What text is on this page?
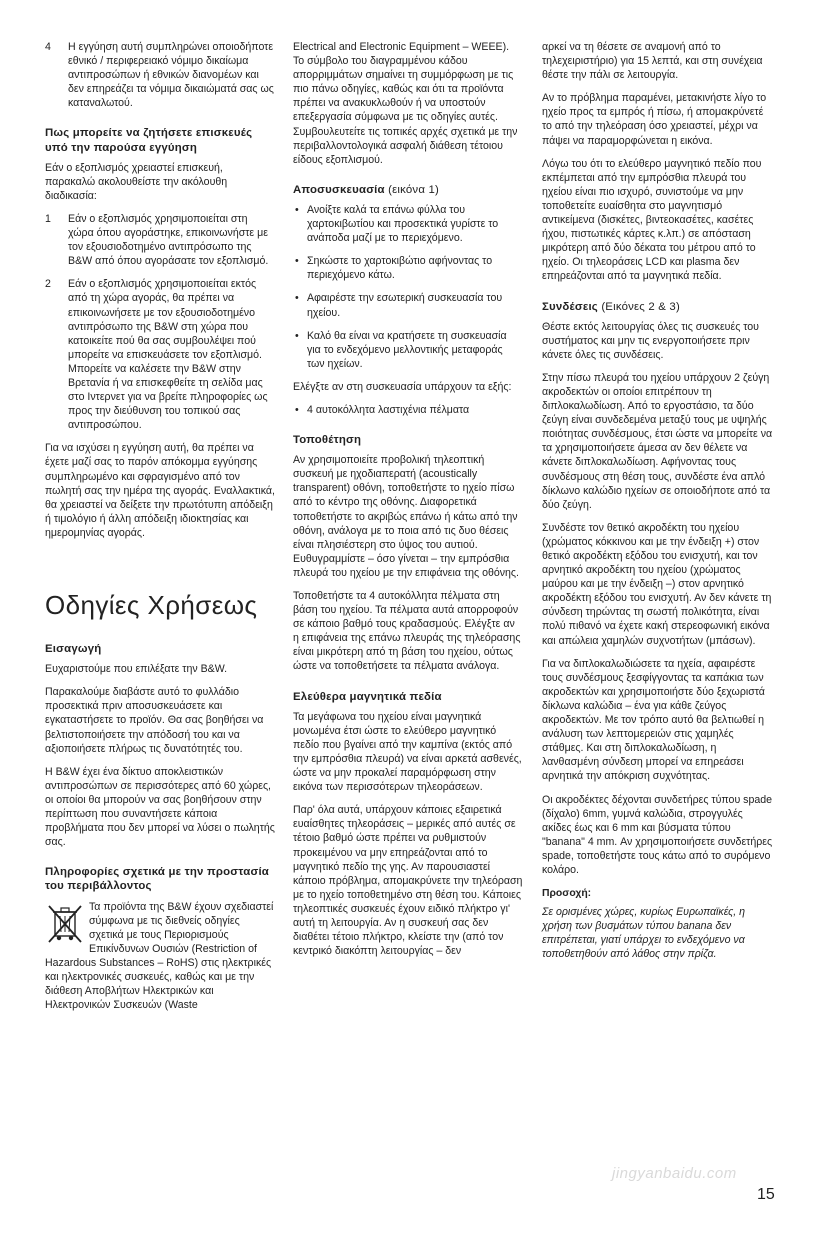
4	Η εγγύηση αυτή συμπληρώνει οποιοδήποτε εθνικό / περιφερειακό νόμιμο δικαίωμα αντιπροσώπων ή εθνικών διανομέων και δεν επηρεάζει τα νόμιμα δικαιώματά σας ως καταναλωτού.
Πως μπορείτε να ζητήσετε επισκευές υπό την παρούσα εγγύηση

Εάν ο εξοπλισμός χρειαστεί επισκευή, παρακαλώ ακολουθείστε την ακόλουθη διαδικασία:

1	Εάν ο εξοπλισμός χρησιμοποιείται στη χώρα όπου αγοράστηκε, επικοινωνήστε με τον εξουσιοδοτημένο αντιπρόσωπο της B&W από όπου αγοράσατε τον εξοπλισμό.
2	Εάν ο εξοπλισμός χρησιμοποιείται εκτός από τη χώρα αγοράς, θα πρέπει να επικοινωνήσετε με τον εξουσιοδοτημένο αντιπρόσωπο της B&W στη χώρα που κατοικείτε πού θα σας συμβουλέψει πού μπορείτε να επισκευάσετε τον εξοπλισμό. Μπορείτε να καλέσετε την B&W στην Βρετανία ή να επισκεφθείτε τη σελίδα μας στο Ιντερνετ για να βρείτε πληροφορίες ως προς την διεύθυνση του τοπικού σας αντιπροσώπου.

Για να ισχύσει η εγγύηση αυτή, θα πρέπει να έχετε μαζί σας το παρόν απόκομμα εγγύησης συμπληρωμένο και σφραγισμένο από τον πωλητή σας την ημέρα της αγοράς. Εναλλακτικά, θα χρειαστεί να δείξετε την πρωτότυπη απόδειξη ή τιμολόγιο ή άλλη απόδειξη ιδιοκτησίας και ημερομηνίας αγοράς.

Οδηγίες Χρήσεως
Εισαγωγή

Ευχαριστούμε που επιλέξατε την B&W.

Παρακαλούμε διαβάστε αυτό το φυλλάδιο προσεκτικά πριν αποσυσκευάσετε και εγκαταστήσετε το προϊόν. Θα σας βοηθήσει να βελτιστοποιήσετε την απόδοσή του και να αξιοποιήσετε πλήρως τις δυνατότητές του.

Η B&W έχει ένα δίκτυο αποκλειστικών αντιπροσώπων σε περισσότερες από 60 χώρες, οι οποίοι θα μπορούν να σας βοηθήσουν στην περίπτωση που συναντήσετε κάποια προβλήματα που δεν μπορεί να λύσει ο πωλητής σας.

Πληροφορίες σχετικά με την προστασία του περιβάλλοντος
Τα προϊόντα της B&W έχουν σχεδιαστεί σύμφωνα με τις διεθνείς οδηγίες σχετικά με τους Περιορισμούς Επικίνδυνων Ουσιών (Restriction of Hazardous Substances – RoHS) στις ηλεκτρικές και ηλεκτρονικές συσκευές, καθώς και με την διάθεση Αποβλήτων Ηλεκτρικών και Ηλεκτρονικών Συσκευών (Waste

Electrical and Electronic Equipment – WEEE). Το σύμβολο του διαγραμμένου κάδου απορριμμάτων σημαίνει τη συμμόρφωση με τις πιο πάνω οδηγίες, καθώς και ότι τα προϊόντα πρέπει να ανακυκλωθούν ή να υποστούν επεξεργασία σύμφωνα με τις οδηγίες αυτές. Συμβουλευτείτε τις τοπικές αρχές σχετικά με την περιβαλλοντολογικά ασφαλή διάθεση τέτοιου είδους εξοπλισμού.

Αποσυσκευασία (εικόνα 1)
• Ανοίξτε καλά τα επάνω φύλλα του χαρτοκιβωτίου και προσεκτικά γυρίστε το ανάποδα μαζί με το περιεχόμενο.
• Σηκώστε το χαρτοκιβώτιο αφήνοντας το περιεχόμενο κάτω.
• Αφαιρέστε την εσωτερική συσκευασία του ηχείου.
• Καλό θα είναι να κρατήσετε τη συσκευασία για το ενδεχόμενο μελλοντικής μεταφοράς των ηχείων.

Ελέγξτε αν στη συσκευασία υπάρχουν τα εξής:

• 4 αυτοκόλλητα λαστιχένια πέλματα
Τοποθέτηση

Αν χρησιμοποιείτε προβολική τηλεοπτική συσκευή με ηχοδιαπερατή (acoustically transparent) οθόνη, τοποθετήστε το ηχείο πίσω από το κέντρο της οθόνης. Διαφορετικά τοποθετήστε το ακριβώς επάνω ή κάτω από την οθόνη, ανάλογα με το ποια από τις δυο θέσεις είναι πλησιέστερη στο ύψος του αυτιού. Ευθυγραμμίστε – όσο γίνεται – την εμπρόσθια πλευρά του ηχείου με την επιφάνεια της οθόνης.

Τοποθετήστε τα 4 αυτοκόλλητα πέλματα στη βάση του ηχείου. Τα πέλματα αυτά απορροφούν σε κάποιο βαθμό τους κραδασμούς. Ελέγξτε αν η επιφάνεια της επάνω πλευράς της τηλεόρασης είναι μικρότερη από τη βάση του ηχείου, ούτως ώστε να τοποθετήσετε τα πέλματα ανάλογα.

Ελεύθερα μαγνητικά πεδία

Τα μεγάφωνα του ηχείου είναι μαγνητικά μονωμένα έτσι ώστε το ελεύθερο μαγνητικό πεδίο που βγαίνει από την καμπίνα (εκτός από την εμπρόσθια πλευρά) να είναι αρκετά ασθενές, ώστε να μην προκαλεί παραμόρφωση στην εικόνα των περισσότερων τηλεοράσεων.

Παρ' όλα αυτά, υπάρχουν κάποιες εξαιρετικά ευαίσθητες τηλεοράσεις – μερικές από αυτές σε τέτοιο βαθμό ώστε πρέπει να ρυθμιστούν προκειμένου να μην επηρεάζονται από το μαγνητικό πεδίο της γης. Αν παρουσιαστεί κάποιο πρόβλημα, απομακρύνετε την τηλεόραση με το ηχείο τοποθετημένο στη θέση του. Κάποιες τηλεοπτικές συσκευές έχουν ειδικό πλήκτρο γι' αυτή τη λειτουργία. Αν η συσκευή σας δεν διαθέτει τέτοιο πλήκτρο, κλείστε την (από τον κεντρικό διακόπτη λειτουργίας – δεν

αρκεί να τη θέσετε σε αναμονή από το τηλεχειριστήριο) για 15 λεπτά, και στη συνέχεια θέστε την πάλι σε λειτουργία.

Αν το πρόβλημα παραμένει, μετακινήστε λίγο το ηχείο προς τα εμπρός ή πίσω, ή απομακρύνετέ το από την τηλεόραση όσο χρειαστεί, μέχρι να πάψει να παραμορφώνεται η εικόνα.

Λόγω του ότι το ελεύθερο μαγνητικό πεδίο που εκπέμπεται από την εμπρόσθια πλευρά του ηχείου είναι πιο ισχυρό, συνιστούμε να μην τοποθετείτε ευαίσθητα στο μαγνητισμό αντικείμενα (δισκέτες, βιντεοκασέτες, κασέτες ήχου, πιστωτικές κάρτες κ.λπ.) σε απόσταση μικρότερη από δύο δέκατα του μέτρου από το ηχείο. Οι τηλεοράσεις LCD και plasma δεν επηρεάζονται από τα μαγνητικά πεδία.

Συνδέσεις (Εικόνες 2 & 3)

Θέστε εκτός λειτουργίας όλες τις συσκευές του συστήματος και μην τις ενεργοποιήσετε πριν κάνετε όλες τις συνδέσεις.

Στην πίσω πλευρά του ηχείου υπάρχουν 2 ζεύγη ακροδεκτών οι οποίοι επιτρέπουν τη διπλοκαλωδίωση. Από το εργοστάσιο, τα δύο ζεύγη είναι συνδεδεμένα μεταξύ τους με υψηλής ποιότητας συνδέσμους, έτσι ώστε να μπορείτε να τα χρησιμοποιήσετε άμεσα αν δεν θέλετε να κάνετε διπλοκαλωδίωση. Αφήνοντας τους συνδέσμους στη θέση τους, συνδέστε ένα απλό δίκλωνο καλώδιο ηχείων σε οποιοδήποτε από τα δύο ζεύγη.

Συνδέστε τον θετικό ακροδέκτη του ηχείου (χρώματος κόκκινου και με την ένδειξη +) στον θετικό ακροδέκτη εξόδου του ενισχυτή, και τον αρνητικό ακροδέκτη του ηχείου (χρώματος μαύρου και με την ένδειξη –) στον αρνητικό ακροδέκτη εξόδου του ενισχυτή. Αν δεν κάνετε τη σύνδεση τηρώντας τη σωστή πολικότητα, είναι πολύ πιθανό να έχετε κακή στερεοφωνική εικόνα και απώλεια χαμηλών συχνοτήτων (μπάσων).

Για να διπλοκαλωδιώσετε τα ηχεία, αφαιρέστε τους συνδέσμους ξεσφίγγοντας τα καπάκια των ακροδεκτών και χρησιμοποιήστε δύο ξεχωριστά δίκλωνα καλώδια – ένα για κάθε ζεύγος ακροδεκτών. Με τον τρόπο αυτό θα βελτιωθεί η ανάλυση των λεπτομερειών στις χαμηλές στάθμες. Και στη διπλοκαλωδίωση, η λανθασμένη σύνδεση μπορεί να επηρεάσει αρνητικά την απόκριση συχνότητας.

Οι ακροδέκτες δέχονται συνδετήρες τύπου spade (δίχαλο) 6mm, γυμνά καλώδια, στρογγυλές ακίδες έως και 6 mm και βύσματα τύπου "banana" 4 mm. Αν χρησιμοποιήσετε συνδετήρες spade, τοποθετήστε τους κάτω από το συρόμενο κολάρο.

Προσοχή:

Σε ορισμένες χώρες, κυρίως Ευρωπαϊκές, η χρήση των βυσμάτων τύπου banana δεν επιτρέπεται, γιατί υπάρχει το ενδεχόμενο να τοποθετηθούν από λάθος στην πρίζα.

jingyanbaidu.com
15
